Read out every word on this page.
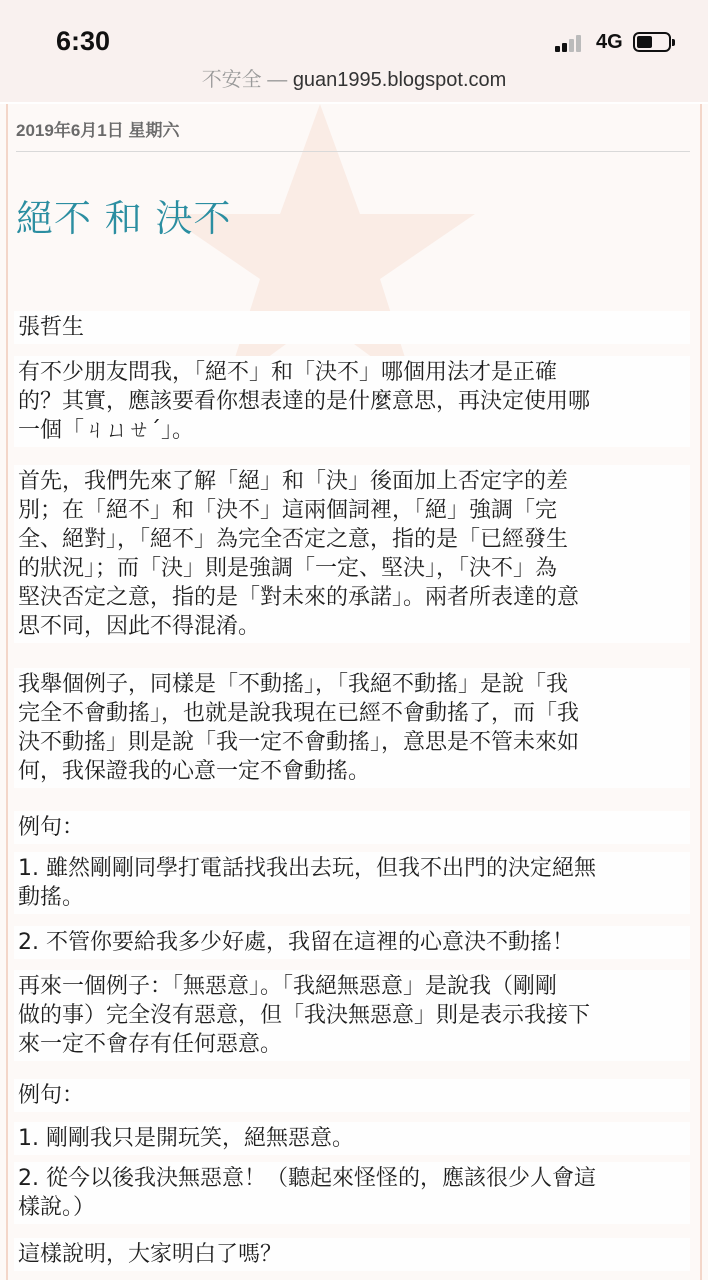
6:30	4G
不安全 — guan1995.blogspot.com
2019年6月1日 星期六
絕不 和 決不
張哲生
有不少朋友問我，「絕不」和「決不」哪個用法才是正確
的？其實，應該要看你想表達的是什麼意思，再決定使用哪
一個「ㄐㄩㄝˊ」。
首先，我們先來了解「絕」和「決」後面加上否定字的差
別；在「絕不」和「決不」這兩個詞裡，「絕」強調「完
全、絕對」，「絕不」為完全否定之意，指的是「已經發生
的狀況」；而「決」則是強調「一定、堅決」，「決不」為
堅決否定之意，指的是「對未來的承諾」。兩者所表達的意
思不同，因此不得混淆。
我舉個例子，同樣是「不動搖」，「我絕不動搖」是說「我
完全不會動搖」，也就是說我現在已經不會動搖了，而「我
決不動搖」則是說「我一定不會動搖」，意思是不管未來如
何，我保證我的心意一定不會動搖。
例句：
1. 雖然剛剛同學打電話找我出去玩，但我不出門的決定絕無
動搖。
2. 不管你要給我多少好處，我留在這裡的心意決不動搖！
再來一個例子：「無惡意」。「我絕無惡意」是說我（剛剛
做的事）完全沒有惡意，但「我決無惡意」則是表示我接下
來一定不會存有任何惡意。
例句：
1. 剛剛我只是開玩笑，絕無惡意。
2. 從今以後我決無惡意！（聽起來怪怪的，應該很少人會這
樣說。）
這樣說明，大家明白了嗎？
